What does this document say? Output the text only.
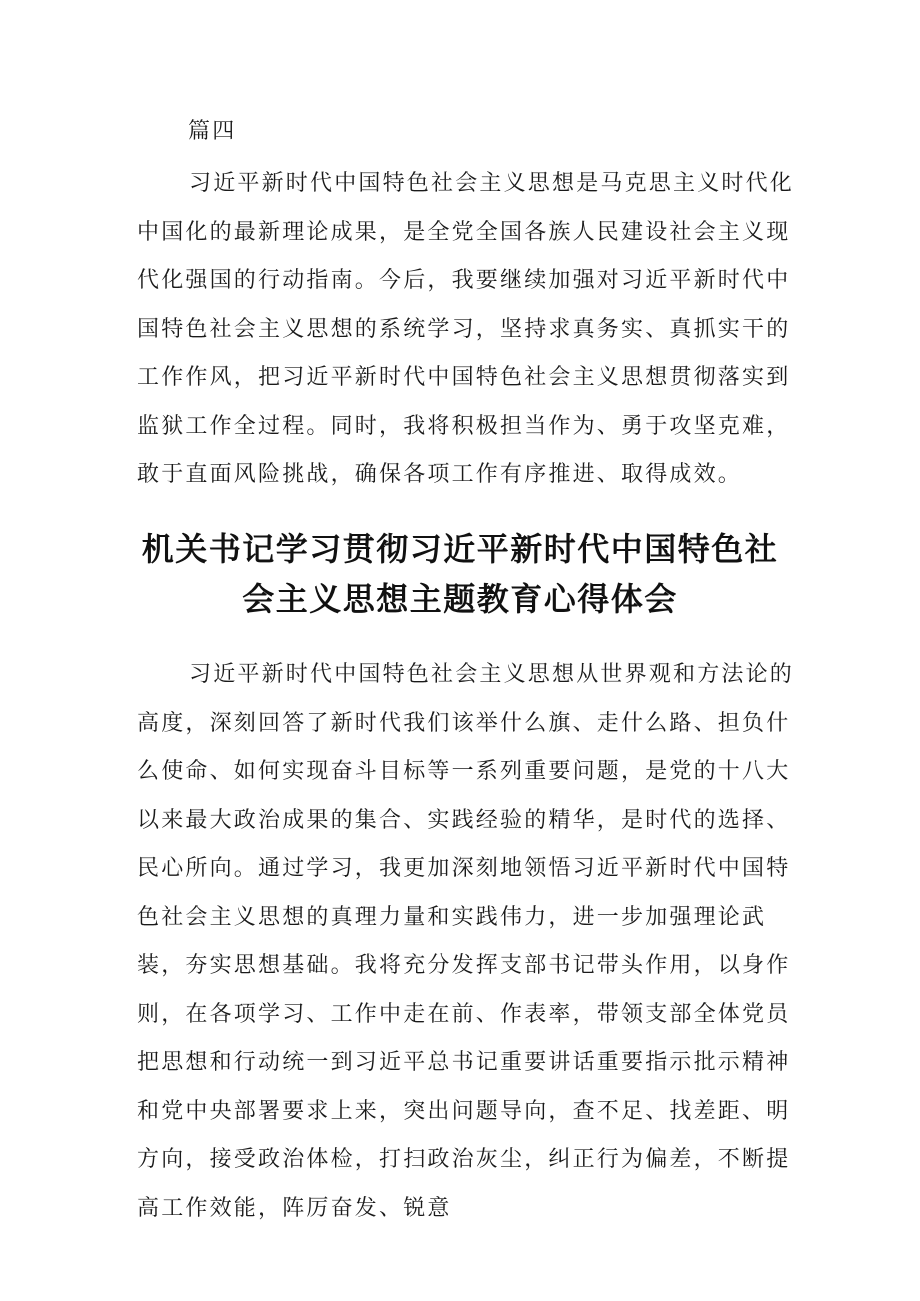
篇四

习近平新时代中国特色社会主义思想是马克思主义时代化中国化的最新理论成果，是全党全国各族人民建设社会主义现代化强国的行动指南。今后，我要继续加强对习近平新时代中国特色社会主义思想的系统学习，坚持求真务实、真抓实干的工作作风，把习近平新时代中国特色社会主义思想贯彻落实到监狱工作全过程。同时，我将积极担当作为、勇于攻坚克难，敢于直面风险挑战，确保各项工作有序推进、取得成效。

机关书记学习贯彻习近平新时代中国特色社
会主义思想主题教育心得体会

习近平新时代中国特色社会主义思想从世界观和方法论的高度，深刻回答了新时代我们该举什么旗、走什么路、担负什么使命、如何实现奋斗目标等一系列重要问题，是党的十八大以来最大政治成果的集合、实践经验的精华，是时代的选择、民心所向。通过学习，我更加深刻地领悟习近平新时代中国特色社会主义思想的真理力量和实践伟力，进一步加强理论武装，夯实思想基础。我将充分发挥支部书记带头作用，以身作则，在各项学习、工作中走在前、作表率，带领支部全体党员把思想和行动统一到习近平总书记重要讲话重要指示批示精神和党中央部署要求上来，突出问题导向，查不足、找差距、明方向，接受政治体检，打扫政治灰尘，纠正行为偏差，不断提高工作效能，阵厉奋发、锐意
